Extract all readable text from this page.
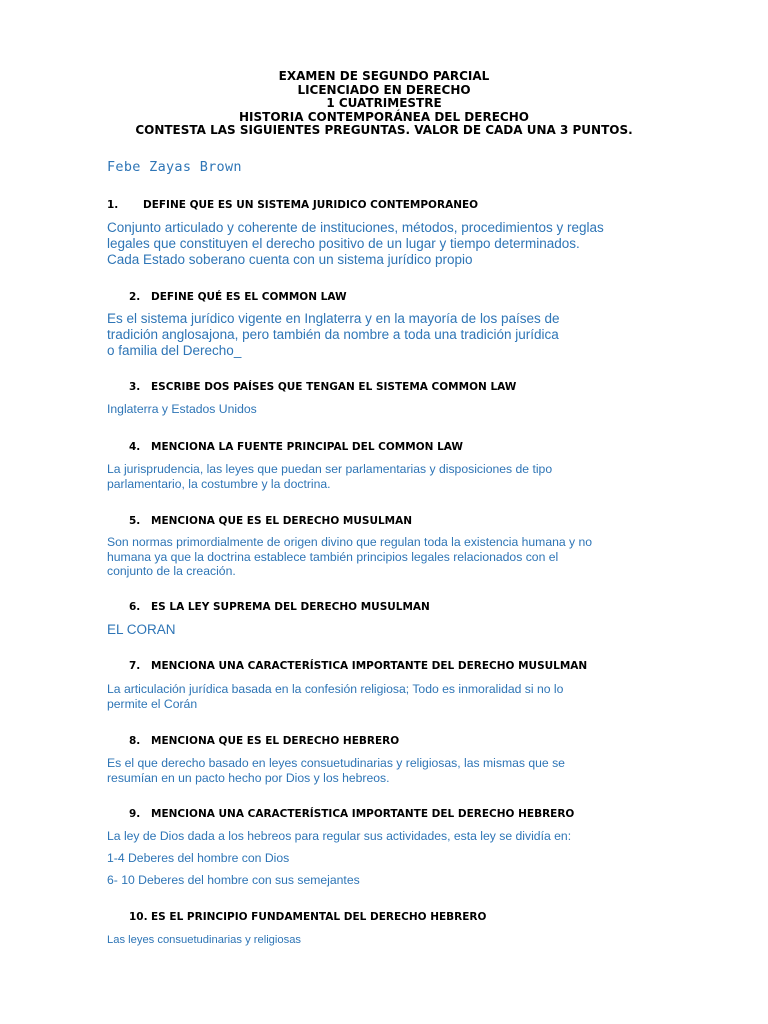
EXAMEN DE SEGUNDO PARCIAL
LICENCIADO EN DERECHO
1 CUATRIMESTRE
HISTORIA CONTEMPORÁNEA DEL DERECHO
CONTESTA LAS SIGUIENTES PREGUNTAS. VALOR DE CADA UNA 3 PUNTOS.
Febe Zayas Brown
1. DEFINE QUE ES UN SISTEMA JURIDICO CONTEMPORANEO
Conjunto articulado y coherente de instituciones, métodos, procedimientos y reglas
legales que constituyen el derecho positivo de un lugar y tiempo determinados.
Cada Estado soberano cuenta con un sistema jurídico propio
2. DEFINE QUÉ ES EL COMMON LAW
Es el sistema jurídico vigente en Inglaterra y en la mayoría de los países de
tradición anglosajona, pero también da nombre a toda una tradición jurídica
o familia del Derecho_
3. ESCRIBE DOS PAÍSES QUE TENGAN EL SISTEMA COMMON LAW
Inglaterra y Estados Unidos
4. MENCIONA LA FUENTE PRINCIPAL DEL COMMON LAW
La jurisprudencia, las leyes que puedan ser parlamentarias y disposiciones de tipo
parlamentario, la costumbre y la doctrina.
5. MENCIONA QUE ES EL DERECHO MUSULMAN
Son normas primordialmente de origen divino que regulan toda la existencia humana y no
humana ya que la doctrina establece también principios legales relacionados con el
conjunto de la creación.
6. ES LA LEY SUPREMA DEL DERECHO MUSULMAN
EL CORAN
7. MENCIONA UNA CARACTERÍSTICA IMPORTANTE DEL DERECHO MUSULMAN
La articulación jurídica basada en la confesión religiosa; Todo es inmoralidad si no lo
permite el Corán
8. MENCIONA QUE ES EL DERECHO HEBRERO
Es el que derecho basado en leyes consuetudinarias y religiosas, las mismas que se
resumían en un pacto hecho por Dios y los hebreos.
9. MENCIONA UNA CARACTERÍSTICA IMPORTANTE DEL DERECHO HEBRERO
La ley de Dios dada a los hebreos para regular sus actividades, esta ley se dividía en:
1-4 Deberes del hombre con Dios
6- 10 Deberes del hombre con sus semejantes
10. ES EL PRINCIPIO FUNDAMENTAL DEL DERECHO HEBRERO
Las leyes consuetudinarias y religiosas
